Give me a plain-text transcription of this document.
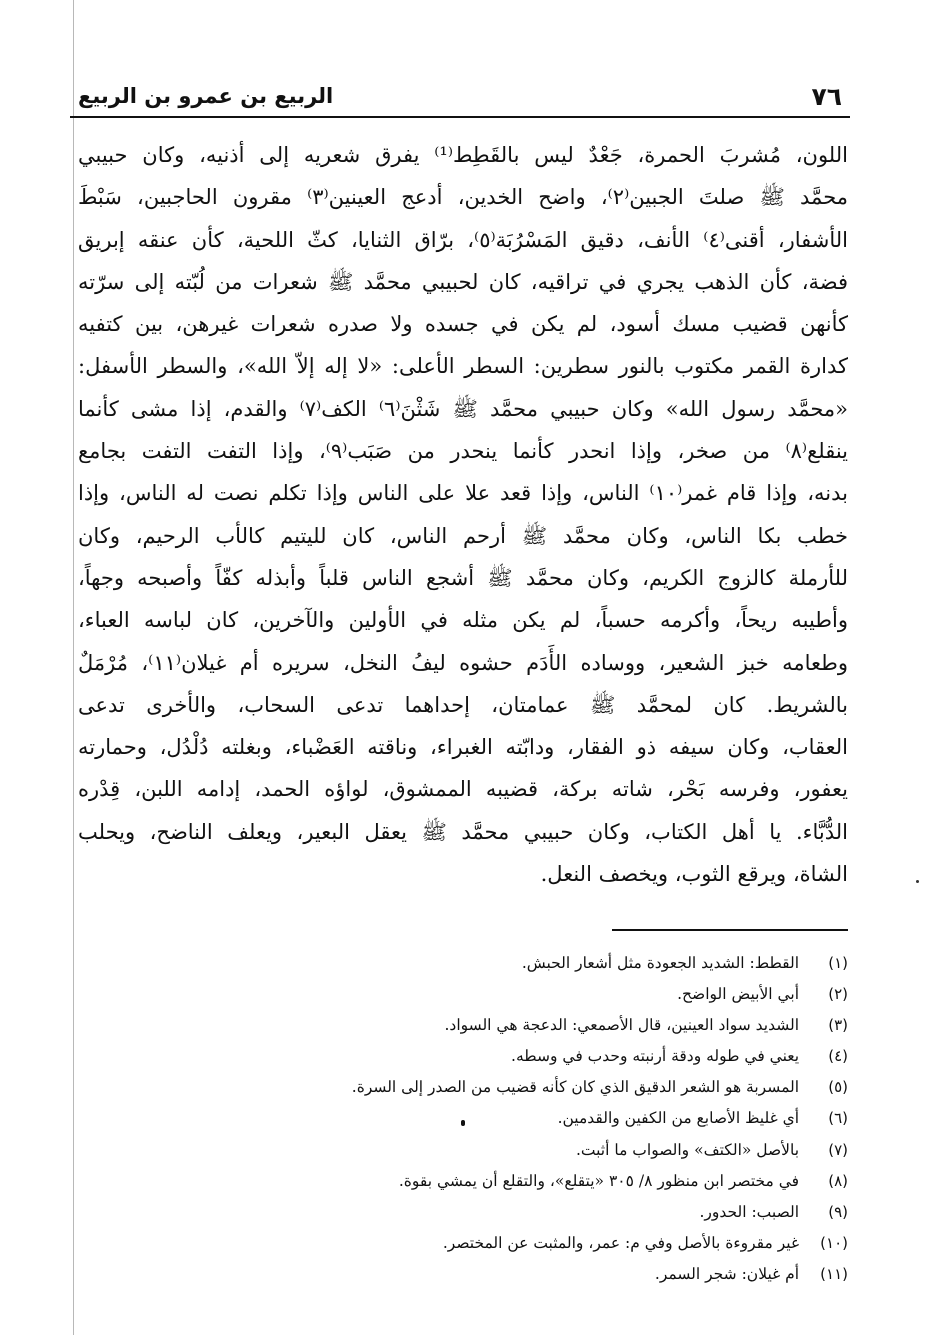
٧٦
الربيع بن عمرو بن الربيع
اللون، مُشربَ الحمرة، جَعْدٌ ليس بالقَطِط⁽¹⁾ يفرق شعريه إلى أذنيه، وكان حبيبي
محمَّد ﷺ صلتَ الجبين⁽٢⁾، واضح الخدين، أدعج العينين⁽٣⁾ مقرون الحاجبين، سَبْطَ
الأشفار، أقنى⁽٤⁾ الأنف، دقيق المَسْرُبَة⁽٥⁾، برّاق الثنايا، كثّ اللحية، كأن عنقه إبريق
فضة، كأن الذهب يجري في تراقيه، كان لحبيبي محمَّد ﷺ شعرات من لُبّته إلى سرّته
كأنهن قضيب مسك أسود، لم يكن في جسده ولا صدره شعرات غيرهن، بين كتفيه
كدارة القمر مكتوب بالنور سطرين: السطر الأعلى: «لا إله إلاّ الله»، والسطر الأسفل:
«محمَّد رسول الله» وكان حبيبي محمَّد ﷺ شَثْنَ⁽٦⁾ الكف⁽٧⁾ والقدم، إذا مشى كأنما
ينقلع⁽٨⁾ من صخر، وإذا انحدر كأنما ينحدر من صَبَب⁽٩⁾، وإذا التفت التفت بجامع
بدنه، وإذا قام غمر⁽١٠⁾ الناس، وإذا قعد علا على الناس وإذا تكلم نصت له الناس، وإذا
خطب بكا الناس، وكان محمَّد ﷺ أرحم الناس، كان لليتيم كالأب الرحيم، وكان
للأرملة كالزوج الكريم، وكان محمَّد ﷺ أشجع الناس قلباً وأبذله كفّاً وأصبحه وجهاً،
وأطيبه ريحاً، وأكرمه حسباً، لم يكن مثله في الأولين والآخرين، كان لباسه العباء،
وطعامه خبز الشعير، ووساده الأَدَم حشوه ليفُ النخل، سريره أم غيلان⁽١١⁾، مُرْمَلٌ
بالشريط. كان لمحمَّد ﷺ عمامتان، إحداهما تدعى السحاب، والأخرى تدعى
العقاب، وكان سيفه ذو الفقار، ودابّته الغبراء، وناقته العَضْباء، وبغلته دُلْدُل، وحمارته
يعفور، وفرسه بَحْر، شاته بركة، قضيبه الممشوق، لواؤه الحمد، إدامه اللبن، قِدْره
الدُّبَّاء. يا أهل الكتاب، وكان حبيبي محمَّد ﷺ يعقل البعير، ويعلف الناضح، ويحلب
الشاة، ويرقع الثوب، ويخصف النعل.
(١) القطط: الشديد الجعودة مثل أشعار الحبش.
(٢) أبي الأبيض الواضح.
(٣) الشديد سواد العينين، قال الأصمعي: الدعجة هي السواد.
(٤) يعني في طوله ودقة أرنبته وحدب في وسطه.
(٥) المسربة هو الشعر الدقيق الذي كان كأنه قضيب من الصدر إلى السرة.
(٦) أي غليظ الأصابع من الكفين والقدمين.
(٧) بالأصل «الكتف» والصواب ما أثبت.
(٨) في مختصر ابن منظور ٨/ ٣٠٥ «يتقلع»، والتقلع أن يمشي بقوة.
(٩) الصبب: الحدور.
(١٠) غير مقروءة بالأصل وفي م: عمر، والمثبت عن المختصر.
(١١) أم غيلان: شجر السمر.
